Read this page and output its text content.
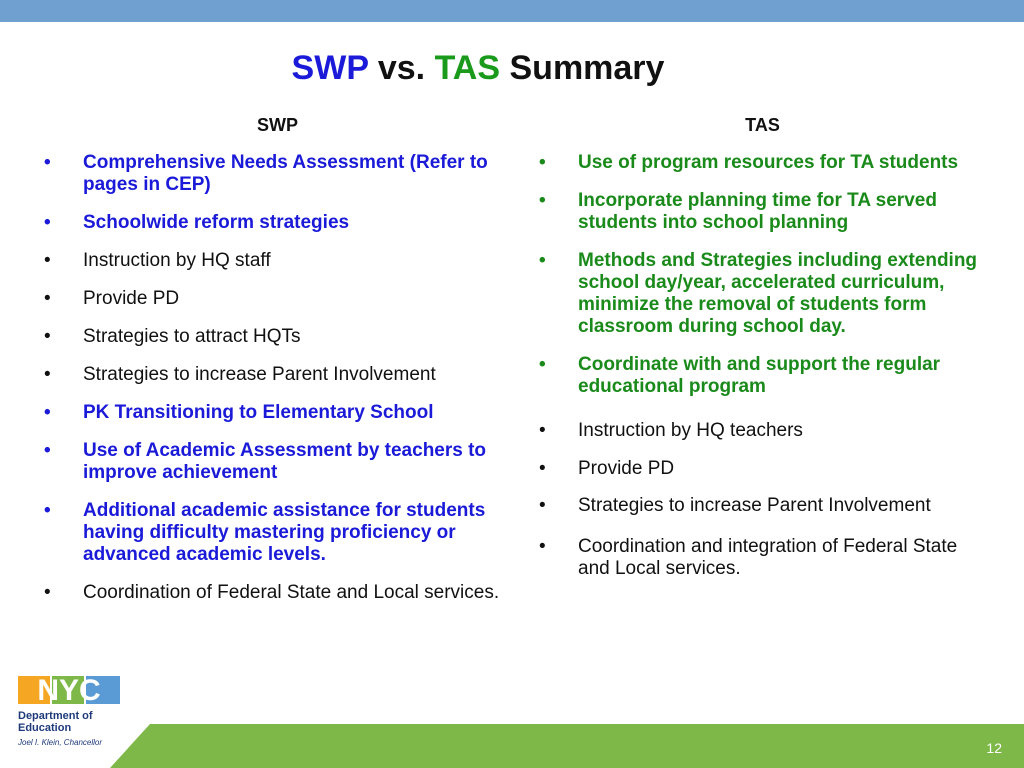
SWP vs. TAS Summary
SWP
• Comprehensive Needs Assessment (Refer to pages in CEP)
• Schoolwide reform strategies
• Instruction by HQ staff
• Provide PD
• Strategies to attract HQTs
• Strategies to increase Parent Involvement
• PK Transitioning to Elementary School
• Use of Academic Assessment by teachers to improve achievement
• Additional academic assistance for students having difficulty mastering proficiency or advanced academic levels.
• Coordination of Federal State and Local services.
TAS
• Use of program resources for TA students
• Incorporate planning time for TA served students into school planning
• Methods and Strategies including extending school day/year, accelerated curriculum, minimize the removal of students form classroom during school day.
• Coordinate with and support the regular educational program
• Instruction by HQ teachers
• Provide PD
• Strategies to increase Parent Involvement
• Coordination and integration of Federal State and Local services.
NYC
Department of
Education
Joel I. Klein, Chancellor	12
